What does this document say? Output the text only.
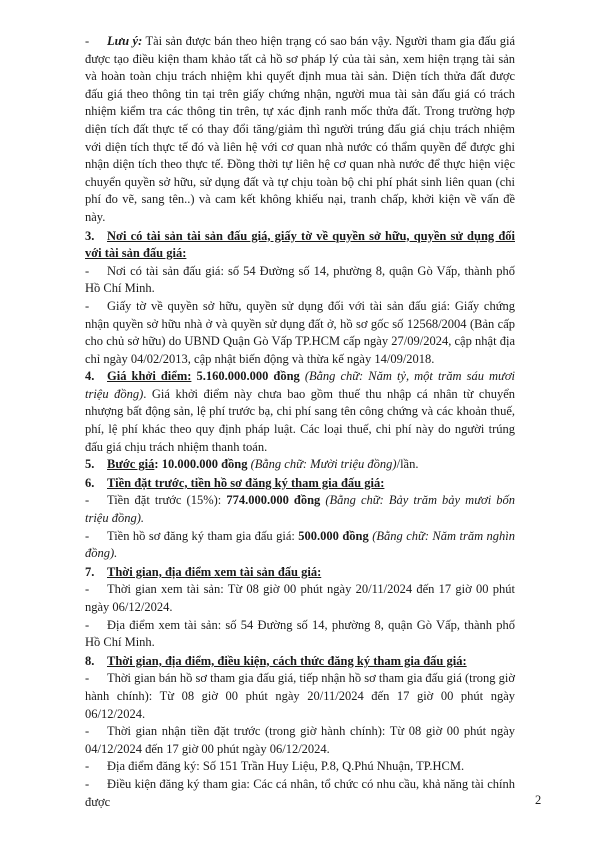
- Lưu ý: Tài sản được bán theo hiện trạng có sao bán vậy. Người tham gia đấu giá được tạo điều kiện tham khảo tất cả hồ sơ pháp lý của tài sản, xem hiện trạng tài sản và hoàn toàn chịu trách nhiệm khi quyết định mua tài sản. Diện tích thửa đất được đấu giá theo thông tin tại trên giấy chứng nhận, người mua tài sản đấu giá có trách nhiệm kiểm tra các thông tin trên, tự xác định ranh mốc thửa đất. Trong trường hợp diện tích đất thực tế có thay đổi tăng/giảm thì người trúng đấu giá chịu trách nhiệm với diện tích thực tế đó và liên hệ với cơ quan nhà nước có thẩm quyền để được ghi nhận diện tích theo thực tế. Đồng thời tự liên hệ cơ quan nhà nước để thực hiện việc chuyển quyền sở hữu, sử dụng đất và tự chịu toàn bộ chi phí phát sinh liên quan (chi phí đo vẽ, sang tên..) và cam kết không khiếu nại, tranh chấp, khởi kiện về vấn đề này.

3. Nơi có tài sản tài sản đấu giá, giấy tờ về quyền sở hữu, quyền sử dụng đối với tài sản đấu giá:

- Nơi có tài sản đấu giá: số 54 Đường số 14, phường 8, quận Gò Vấp, thành phố Hồ Chí Minh.

- Giấy tờ về quyền sở hữu, quyền sử dụng đối với tài sản đấu giá: Giấy chứng nhận quyền sở hữu nhà ở và quyền sử dụng đất ở, hồ sơ gốc số 12568/2004 (Bản cấp cho chủ sở hữu) do UBND Quận Gò Vấp TP.HCM cấp ngày 27/09/2024, cập nhật địa chỉ ngày 04/02/2013, cập nhật biến động và thừa kế ngày 14/09/2018.

4. Giá khởi điểm: 5.160.000.000 đồng (Bằng chữ: Năm tỷ, một trăm sáu mươi triệu đồng). Giá khởi điểm này chưa bao gồm thuế thu nhập cá nhân từ chuyển nhượng bất động sản, lệ phí trước bạ, chi phí sang tên công chứng và các khoản thuế, phí, lệ phí khác theo quy định pháp luật. Các loại thuế, chi phí này do người trúng đấu giá chịu trách nhiệm thanh toán.

5. Bước giá: 10.000.000 đồng (Bằng chữ: Mười triệu đồng)/lần.

6. Tiền đặt trước, tiền hồ sơ đăng ký tham gia đấu giá:

- Tiền đặt trước (15%): 774.000.000 đồng (Bằng chữ: Bảy trăm bảy mươi bốn triệu đồng).

- Tiền hồ sơ đăng ký tham gia đấu giá: 500.000 đồng (Bằng chữ: Năm trăm nghìn đồng).

7. Thời gian, địa điểm xem tài sản đấu giá:

- Thời gian xem tài sản: Từ 08 giờ 00 phút ngày 20/11/2024 đến 17 giờ 00 phút ngày 06/12/2024.

- Địa điểm xem tài sản: số 54 Đường số 14, phường 8, quận Gò Vấp, thành phố Hồ Chí Minh.

8. Thời gian, địa điểm, điều kiện, cách thức đăng ký tham gia đấu giá:

- Thời gian bán hồ sơ tham gia đấu giá, tiếp nhận hồ sơ tham gia đấu giá (trong giờ hành chính): Từ 08 giờ 00 phút ngày 20/11/2024 đến 17 giờ 00 phút ngày 06/12/2024.

- Thời gian nhận tiền đặt trước (trong giờ hành chính): Từ 08 giờ 00 phút ngày 04/12/2024 đến 17 giờ 00 phút ngày 06/12/2024.

- Địa điểm đăng ký: Số 151 Trần Huy Liệu, P.8, Q.Phú Nhuận, TP.HCM.

- Điều kiện đăng ký tham gia: Các cá nhân, tổ chức có nhu cầu, khả năng tài chính được	2
